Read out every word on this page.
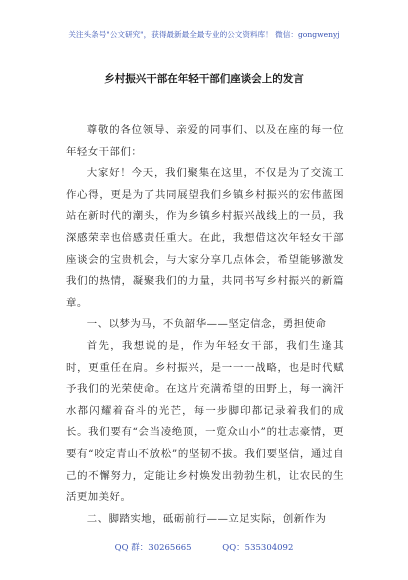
关注头条号"公文研究"，获得最新最全最专业的公文资料库！ 微信：gongwenyj
乡村振兴干部在年轻干部们座谈会上的发言

尊敬的各位领导、亲爱的同事们、以及在座的每一位年轻女干部们：

大家好！今天，我们聚集在这里，不仅是为了交流工作心得，更是为了共同展望我们乡镇乡村振兴的宏伟蓝图站在新时代的潮头，作为乡镇乡村振兴战线上的一员，我深感荣幸也倍感责任重大。在此，我想借这次年轻女干部座谈会的宝贵机会，与大家分享几点体会，希望能够激发我们的热情，凝聚我们的力量，共同书写乡村振兴的新篇章。

一、以梦为马，不负韶华——坚定信念，勇担使命

首先，我想说的是，作为年轻女干部，我们生逢其时，更重任在肩。乡村振兴，是一一一战略，也是时代赋予我们的光荣使命。在这片充满希望的田野上，每一滴汗水都闪耀着奋斗的光芒，每一步脚印都记录着我们的成长。我们要有“会当凌绝顶，一览众山小”的壮志豪情，更要有“咬定青山不放松”的坚韧不拔。我们要坚信，通过自己的不懈努力，定能让乡村焕发出勃勃生机，让农民的生活更加美好。

二、脚踏实地，砥砺前行——立足实际，创新作为

QQ 群：30265665	QQ：535304092
